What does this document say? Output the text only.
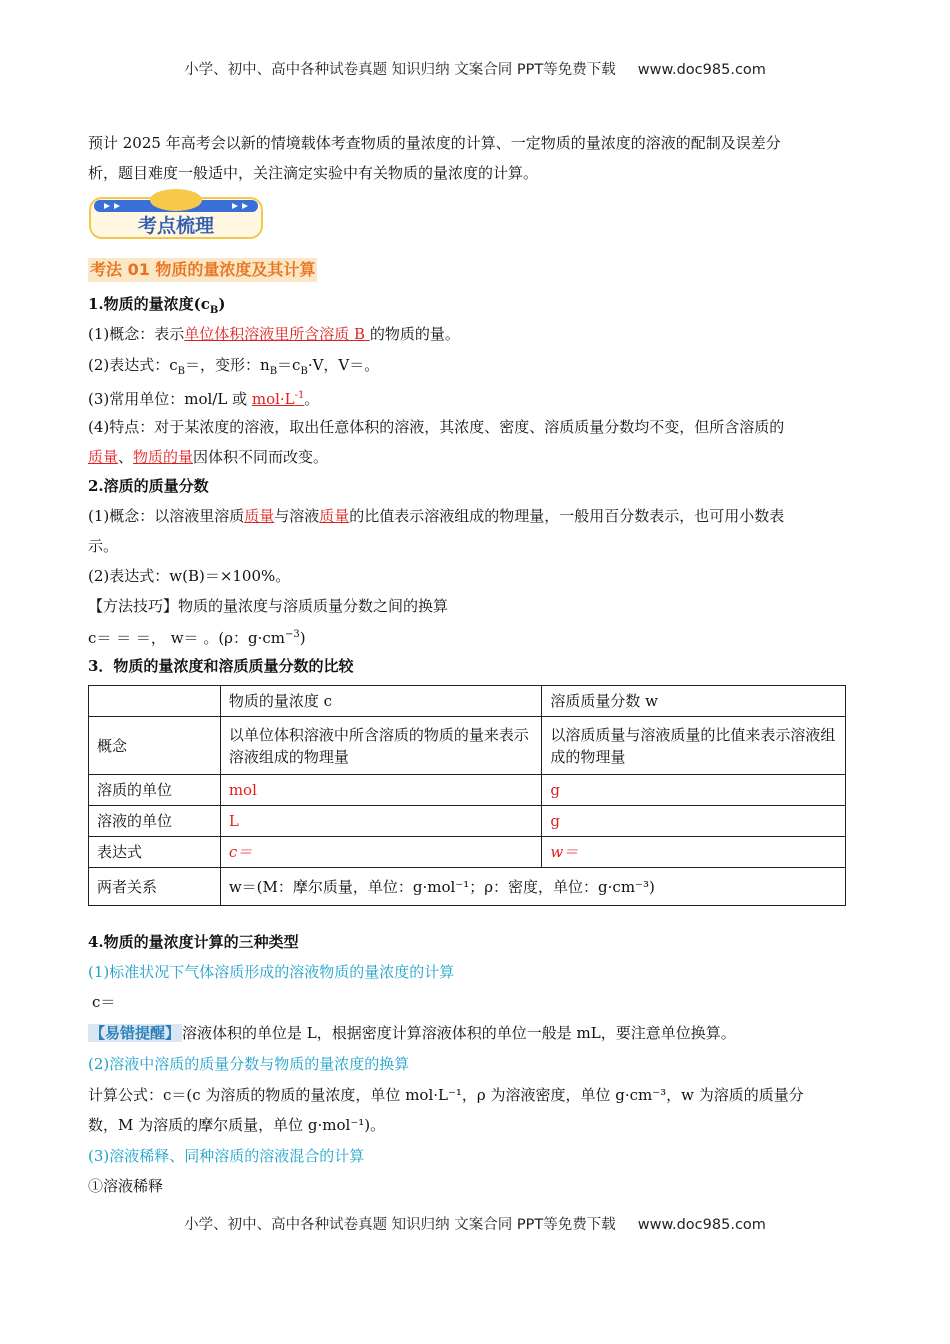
小学、初中、高中各种试卷真题 知识归纳 文案合同 PPT等免费下载 www.doc985.com
预计 2025 年高考会以新的情境载体考查物质的量浓度的计算、一定物质的量浓度的溶液的配制及误差分
析，题目难度一般适中，关注滴定实验中有关物质的量浓度的计算。
考点梳理
考法 01 物质的量浓度及其计算
1.物质的量浓度$(c_B)$
(1)概念：表示单位体积溶液里所含溶质 B 的物质的量。
(2)表达式：$c_B=$，变形：$n_B=c_B\cdot V$，V＝。
(3)常用单位：mol/L 或 $mol\cdot L^{-1}$。
(4)特点：对于某浓度的溶液，取出任意体积的溶液，其浓度、密度、溶质质量分数均不变，但所含溶质的
质量、物质的量因体积不同而改变。
2.溶质的质量分数
(1)概念：以溶液里溶质质量与溶液质量的比值表示溶液组成的物理量，一般用百分数表示，也可用小数表
示。
(2)表达式：w(B)＝×100%。
【方法技巧】物质的量浓度与溶质质量分数之间的换算
c＝ ＝ ＝， w＝ 。(ρ：$g\cdot cm^{-3}$)
3．物质的量浓度和溶质质量分数的比较
	物质的量浓度 c	溶质质量分数 w
概念	以单位体积溶液中所含溶质的物质的量来表示溶液组成的物理量	以溶质质量与溶液质量的比值来表示溶液组成的物理量
溶质的单位	mol	g
溶液的单位	L	g
表达式	c＝	w＝
两者关系	w＝(M：摩尔质量，单位：g·mol⁻¹；ρ：密度，单位：g·cm⁻³)	
4.物质的量浓度计算的三种类型
(1)标准状况下气体溶质形成的溶液物质的量浓度的计算
c＝
【易错提醒】 溶液体积的单位是 L，根据密度计算溶液体积的单位一般是 mL，要注意单位换算。
(2)溶液中溶质的质量分数与物质的量浓度的换算
计算公式：c＝(c 为溶质的物质的量浓度，单位 mol·L⁻¹，ρ 为溶液密度，单位 g·cm⁻³，w 为溶质的质量分
数，M 为溶质的摩尔质量，单位 g·mol⁻¹)。
(3)溶液稀释、同种溶质的溶液混合的计算
①溶液稀释
小学、初中、高中各种试卷真题 知识归纳 文案合同 PPT等免费下载 www.doc985.com
